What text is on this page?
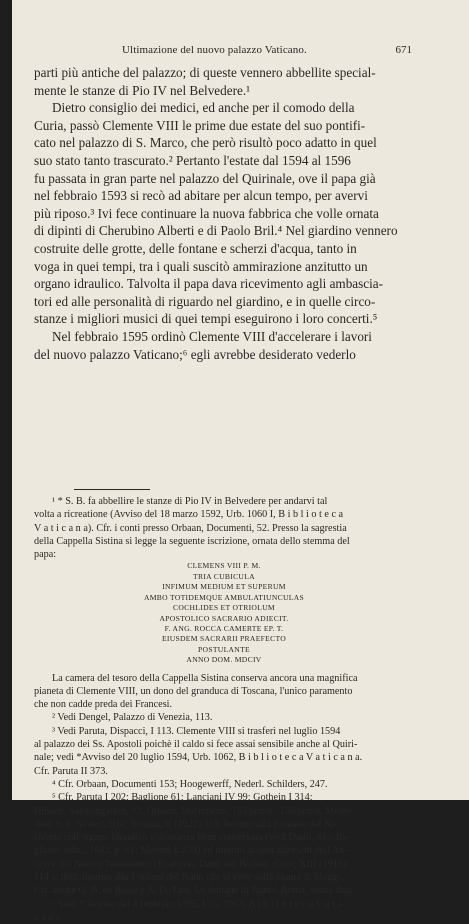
Ultimazione del nuovo palazzo Vaticano.	671
parti più antiche del palazzo; di queste vennero abbellite special-
mente le stanze di Pio IV nel Belvedere.¹
Dietro consiglio dei medici, ed anche per il comodo della
Curia, passò Clemente VIII le prime due estate del suo pontifi-
cato nel palazzo di S. Marco, che però risultò poco adatto in quel
suo stato tanto trascurato.² Pertanto l'estate dal 1594 al 1596
fu passata in gran parte nel palazzo del Quirinale, ove il papa già
nel febbraio 1593 si recò ad abitare per alcun tempo, per avervi
più riposo.³ Ivi fece continuare la nuova fabbrica che volle ornata
di dipinti di Cherubino Alberti e di Paolo Bril.⁴ Nel giardino vennero
costruite delle grotte, delle fontane e scherzi d'acqua, tanto in
voga in quei tempi, tra i quali suscitò ammirazione anzitutto un
organo idraulico. Talvolta il papa dava ricevimento agli ambascia-
tori ed alle personalità di riguardo nel giardino, e in quelle circo-
stanze i migliori musici di quei tempi eseguirono i loro concerti.⁵
Nel febbraio 1595 ordinò Clemente VIII d'accelerare i lavori
del nuovo palazzo Vaticano;⁶ egli avrebbe desiderato vederlo
¹ * S. B. fa abbellire le stanze di Pio IV in Belvedere per andarvi tal
volta a ricreatione (Avviso del 18 marzo 1592, Urb. 1060 I, B i b l i o t e c a
V a t i c a n a). Cfr. i conti presso Orbaan, Documenti, 52. Presso la sagrestia
della Cappella Sistina si legge la seguente iscrizione, ornata dello stemma del
papa:
CLEMENS VIII P. M.
TRIA CUBICULA
INFIMUM MEDIUM ET SUPERUM
AMBO TOTIDEMQUE AMBULATIUNCULAS
COCHLIDES ET OTRIOLUM
APOSTOLICO SACRARIO ADIECIT.
F. ANG. ROCCA CAMERTE EP. T.
EIUSDEM SACRARII PRAEFECTO
POSTULANTE
ANNO DOM. MDCIV
La camera del tesoro della Cappella Sistina conserva ancora una magnifica
pianeta di Clemente VIII, un dono del granduca di Toscana, l'unico paramento
che non cadde preda dei Francesi.
² Vedi Dengel, Palazzo di Venezia, 113.
³ Vedi Paruta, Dispacci, I 113. Clemente VIII si trasferì nel luglio 1594
al palazzo dei Ss. Apostoli poichè il caldo si fece assai sensibile anche al Quiri-
nale; vedi *Avviso del 20 luglio 1594, Urb. 1062, B i b l i o t e c a V a t i c a n a.
Cfr. Paruta II 373.
⁴ Cfr. Orbaan, Documenti 153; Hoogewerff, Nederl. Schilders, 247.
⁵ Cfr. Paruta I 202; Baglione 61; Lanciani IV 99; Gothein I 314;
Hülsen, Antikengärten, 93; Orbaan, Documenti, 153 annot., 159 annot. Mede-
deel. v. h. Nederl. Hist. Institut, II (1922) 118. Intorno alla Fontana del Ni-
chione coll'organo idraulico abbastanza bene conservata (vedi Dami, 41); Ba-
glione, ediz., 1642, p. 61; Moroni L 233) ed intorno ai suoi affreschi dell'An-
tico e del Nuovo Testamento cfr. ancora Dami nel Bollett. d'arte, XIII (1919)
114 s. Ibid. intorno alla Fontana del Nano che si vede sulla pianta di Maggi.
Cfr. anche G. B. de Rossi e A. D. Tani, Le fontane di Roma, Roma, senza data.
⁶ Vedi * Avviso del 4 febbraio 1595, Urb. 1063, B i b l i o t e c a V a t i-
c a n a.
